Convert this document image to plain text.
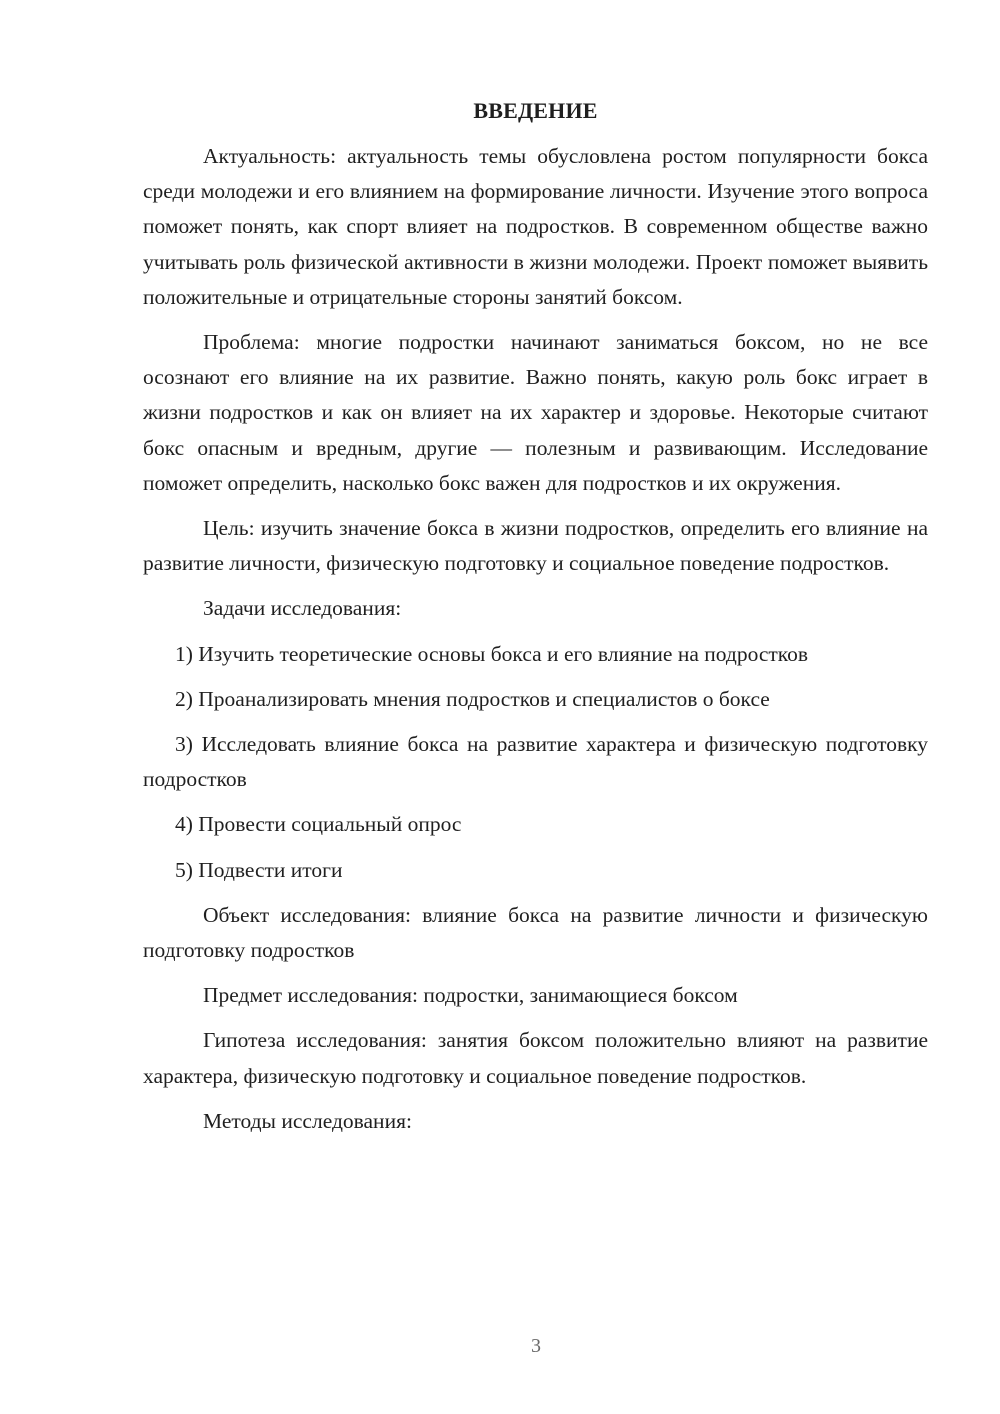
ВВЕДЕНИЕ

Актуальность: актуальность темы обусловлена ростом популярности бокса среди молодежи и его влиянием на формирование личности. Изучение этого вопроса поможет понять, как спорт влияет на подростков. В современном обществе важно учитывать роль физической активности в жизни молодежи. Проект поможет выявить положительные и отрицательные стороны занятий боксом.

Проблема: многие подростки начинают заниматься боксом, но не все осознают его влияние на их развитие. Важно понять, какую роль бокс играет в жизни подростков и как он влияет на их характер и здоровье. Некоторые считают бокс опасным и вредным, другие — полезным и развивающим. Исследование поможет определить, насколько бокс важен для подростков и их окружения.

Цель: изучить значение бокса в жизни подростков, определить его влияние на развитие личности, физическую подготовку и социальное поведение подростков.

Задачи исследования:

1) Изучить теоретические основы бокса и его влияние на подростков

2) Проанализировать мнения подростков и специалистов о боксе

3) Исследовать влияние бокса на развитие характера и физическую подготовку подростков

4) Провести социальный опрос

5) Подвести итоги

Объект исследования: влияние бокса на развитие личности и физическую подготовку подростков

Предмет исследования: подростки, занимающиеся боксом

Гипотеза исследования: занятия боксом положительно влияют на развитие характера, физическую подготовку и социальное поведение подростков.

Методы исследования:

3
